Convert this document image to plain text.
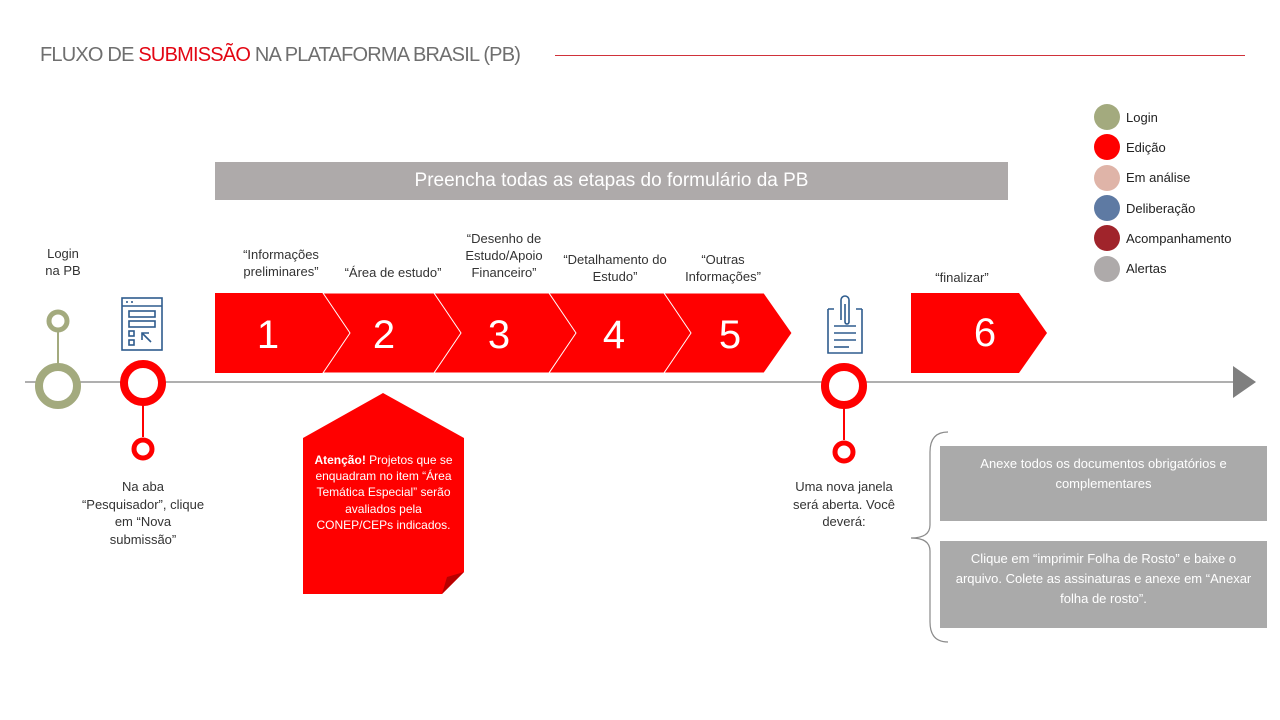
FLUXO DE SUBMISSÃO NA PLATAFORMA BRASIL (PB)
1 2 3 4 5	6
Preencha todas as etapas do formulário da PB
Login
na PB
“Informações preliminares”	“Área de estudo”
“Desenho de Estudo/Apoio Financeiro”
“Detalhamento do Estudo”
“Outras Informações”	“finalizar”
Na aba “Pesquisador”, clique em “Nova submissão”
Uma nova janela será aberta. Você deverá:
Atenção! Projetos que se enquadram no item “Área Temática Especial” serão avaliados pela CONEP/CEPs indicados.
Anexe todos os documentos obrigatórios e complementares
Clique em “imprimir Folha de Rosto” e baixe o arquivo. Colete as assinaturas e anexe em “Anexar folha de rosto”.
Login
Edição
Em análise
Deliberação
Acompanhamento
Alertas
